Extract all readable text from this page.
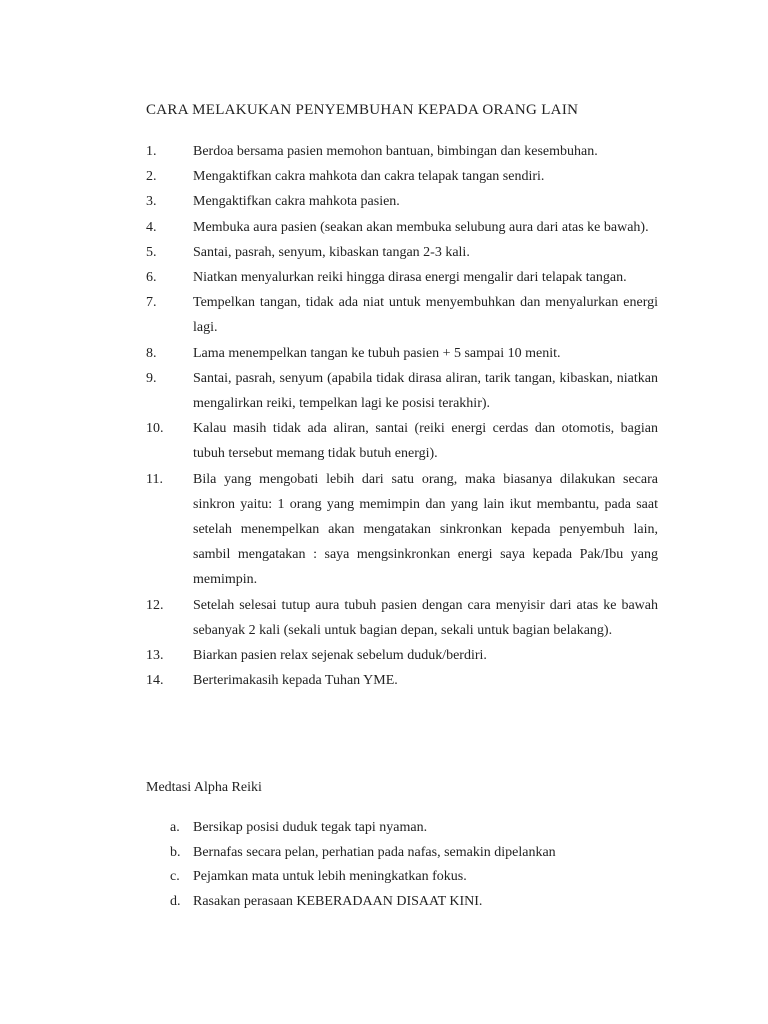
CARA MELAKUKAN PENYEMBUHAN KEPADA ORANG LAIN
1.	Berdoa bersama pasien memohon bantuan, bimbingan dan kesembuhan.
2.	Mengaktifkan cakra mahkota dan cakra telapak tangan sendiri.
3.	Mengaktifkan cakra mahkota pasien.
4.	Membuka aura pasien (seakan akan membuka selubung aura dari atas ke bawah).
5.	Santai, pasrah, senyum, kibaskan tangan 2-3 kali.
6.	Niatkan menyalurkan reiki hingga dirasa energi mengalir dari telapak tangan.
7.	Tempelkan tangan, tidak ada niat untuk menyembuhkan dan menyalurkan energi lagi.
8.	Lama menempelkan tangan ke tubuh pasien + 5 sampai 10 menit.
9.	Santai, pasrah, senyum (apabila tidak dirasa aliran, tarik tangan, kibaskan, niatkan mengalirkan reiki, tempelkan lagi ke posisi terakhir).
10.	Kalau masih tidak ada aliran, santai (reiki energi cerdas dan otomotis, bagian tubuh tersebut memang tidak butuh energi).
11.	Bila yang mengobati lebih dari satu orang, maka biasanya dilakukan secara sinkron yaitu: 1 orang yang memimpin dan yang lain ikut membantu, pada saat setelah menempelkan akan mengatakan sinkronkan kepada penyembuh lain, sambil mengatakan : saya mengsinkronkan energi saya kepada Pak/Ibu yang memimpin.
12.	Setelah selesai tutup aura tubuh pasien dengan cara menyisir dari atas ke bawah sebanyak 2 kali (sekali untuk bagian depan, sekali untuk bagian belakang).
13.	Biarkan pasien relax sejenak sebelum duduk/berdiri.
14.	Berterimakasih kepada Tuhan YME.
Medtasi Alpha Reiki
a. Bersikap posisi duduk tegak tapi nyaman.
b. Bernafas secara pelan, perhatian pada nafas, semakin dipelankan
c. Pejamkan mata untuk lebih meningkatkan fokus.
d. Rasakan perasaan KEBERADAAN DISAAT KINI.
